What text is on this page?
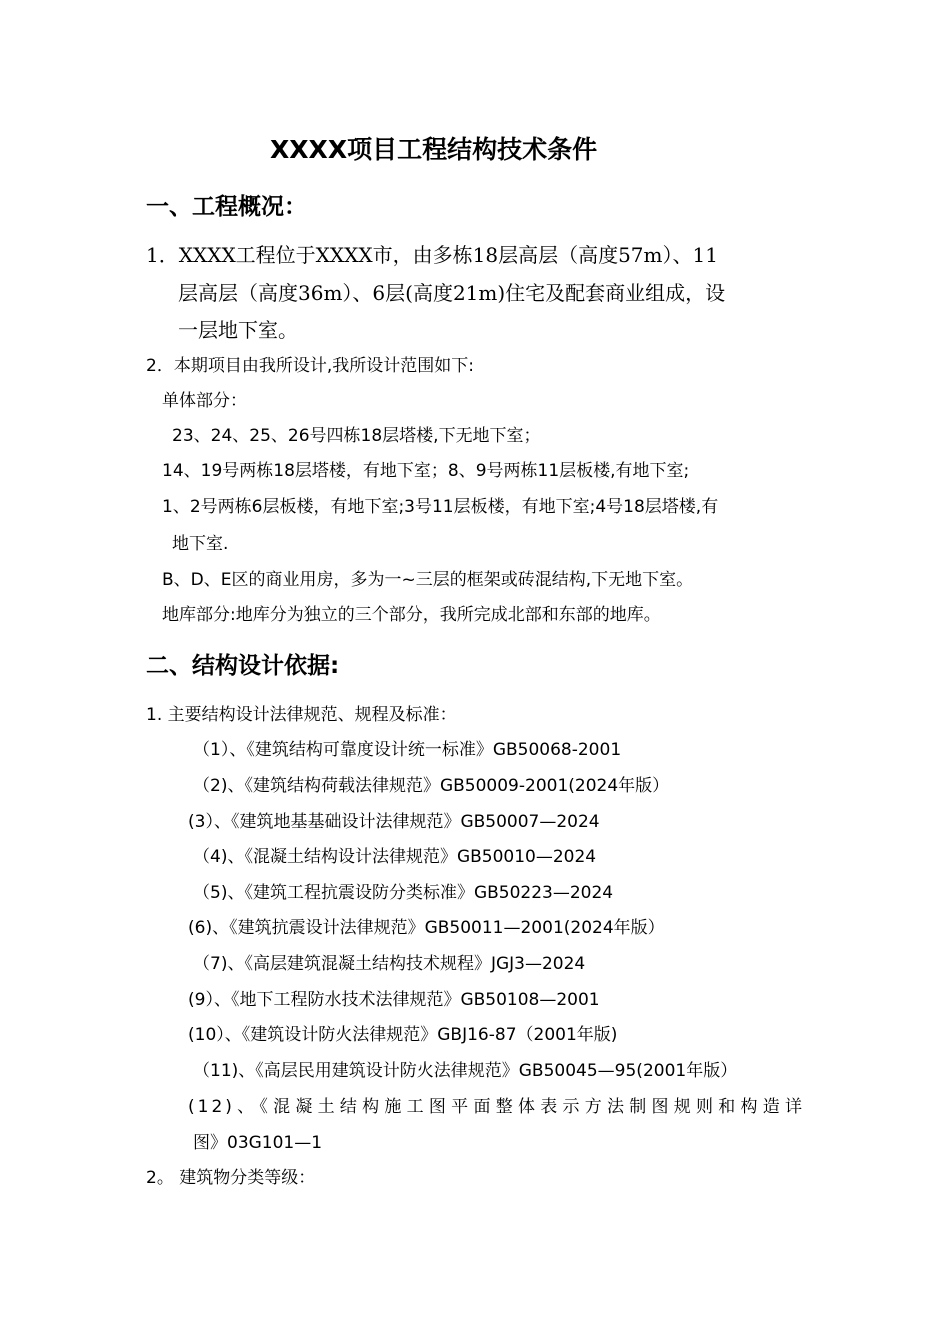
XXXX项目工程结构技术条件
一、工程概况：
1．XXXX工程位于XXXX市，由多栋18层高层（高度57m）、11
层高层（高度36m）、6层(高度21m)住宅及配套商业组成，设
一层地下室。
2．本期项目由我所设计,我所设计范围如下:
单体部分：
23、24、25、26号四栋18层塔楼,下无地下室；
14、19号两栋18层塔楼，有地下室；8、9号两栋11层板楼,有地下室;
1、2号两栋6层板楼，有地下室;3号11层板楼，有地下室;4号18层塔楼,有
地下室.
B、D、E区的商业用房，多为一~三层的框架或砖混结构,下无地下室。
地库部分:地库分为独立的三个部分，我所完成北部和东部的地库。
二、结构设计依据:
1. 主要结构设计法律规范、规程及标准：
（1）、《建筑结构可靠度设计统一标准》GB50068-2001
（2)、《建筑结构荷载法律规范》GB50009-2001(2024年版）
(3）、《建筑地基基础设计法律规范》GB50007—2024
（4)、《混凝土结构设计法律规范》GB50010—2024
（5)、《建筑工程抗震设防分类标准》GB50223—2024
(6)、《建筑抗震设计法律规范》GB50011—2001(2024年版）
（7)、《高层建筑混凝土结构技术规程》JGJ3—2024
(9）、《地下工程防水技术法律规范》GB50108—2001
(10）、《建筑设计防火法律规范》GBJ16-87（2001年版)
（11)、《高层民用建筑设计防火法律规范》GB50045—95(2001年版）
(12)、《混凝土结构施工图平面整体表示方法制图规则和构造详
图》03G101—1
2。 建筑物分类等级：
